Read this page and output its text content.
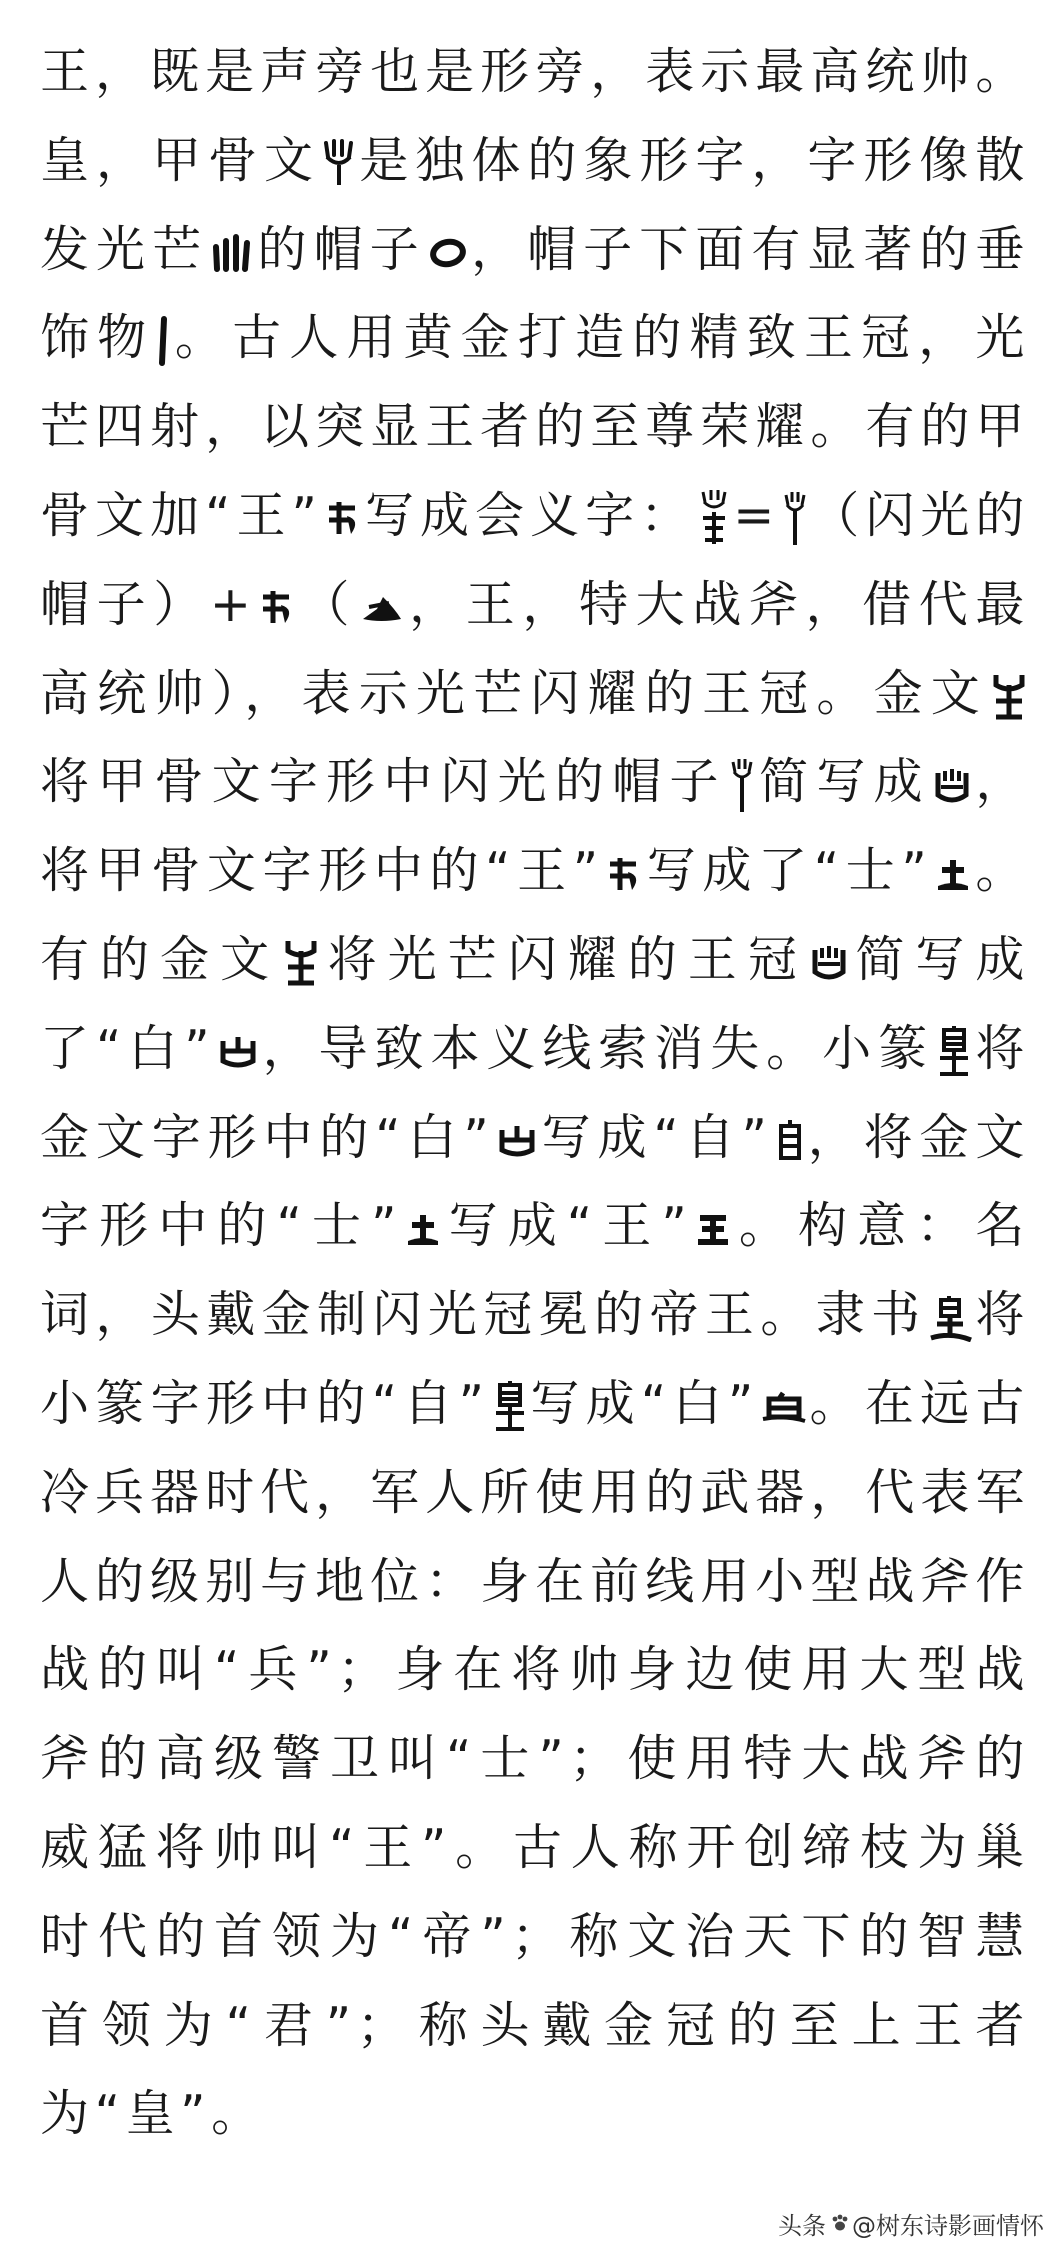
王，既是声旁也是形旁，表示最高统帅。皇，甲骨文 是独体的象形字，字形像散发光芒 的帽子 ，帽子下面有显著的垂饰物 。古人用黄金打造的精致王冠，光芒四射，以突显王者的至尊荣耀。有的甲骨文加“王” 写成会义字： = （闪光的帽子）+ （ ，王，特大战斧，借代最高统帅），表示光芒闪耀的王冠。金文
将甲骨文字形中闪光的帽子 简写成 ，将甲骨文字形中的“王” 写成了“士” 。有的金文 将光芒闪耀的王冠 简写成了“白” ，导致本义线索消失。小篆 将金文字形中的“白” 写成“自” ，将金文字形中的“士” 写成“王” 。构意：名词，头戴金制闪光冠冕的帝王。隶书 将小篆字形中的“自” 写成“白” 。在远古冷兵器时代，军人所使用的武器，代表军人的级别与地位：身在前线用小型战斧作战的叫“兵”；身在将帅身边使用大型战斧的高级警卫叫“士”；使用特大战斧的威猛将帅叫“王”。古人称开创缔枝为巢时代的首领为“帝”；称文治天下的智慧首领为“君”；称头戴金冠的至上王者为“皇”。

头条 @树东诗影画情怀
